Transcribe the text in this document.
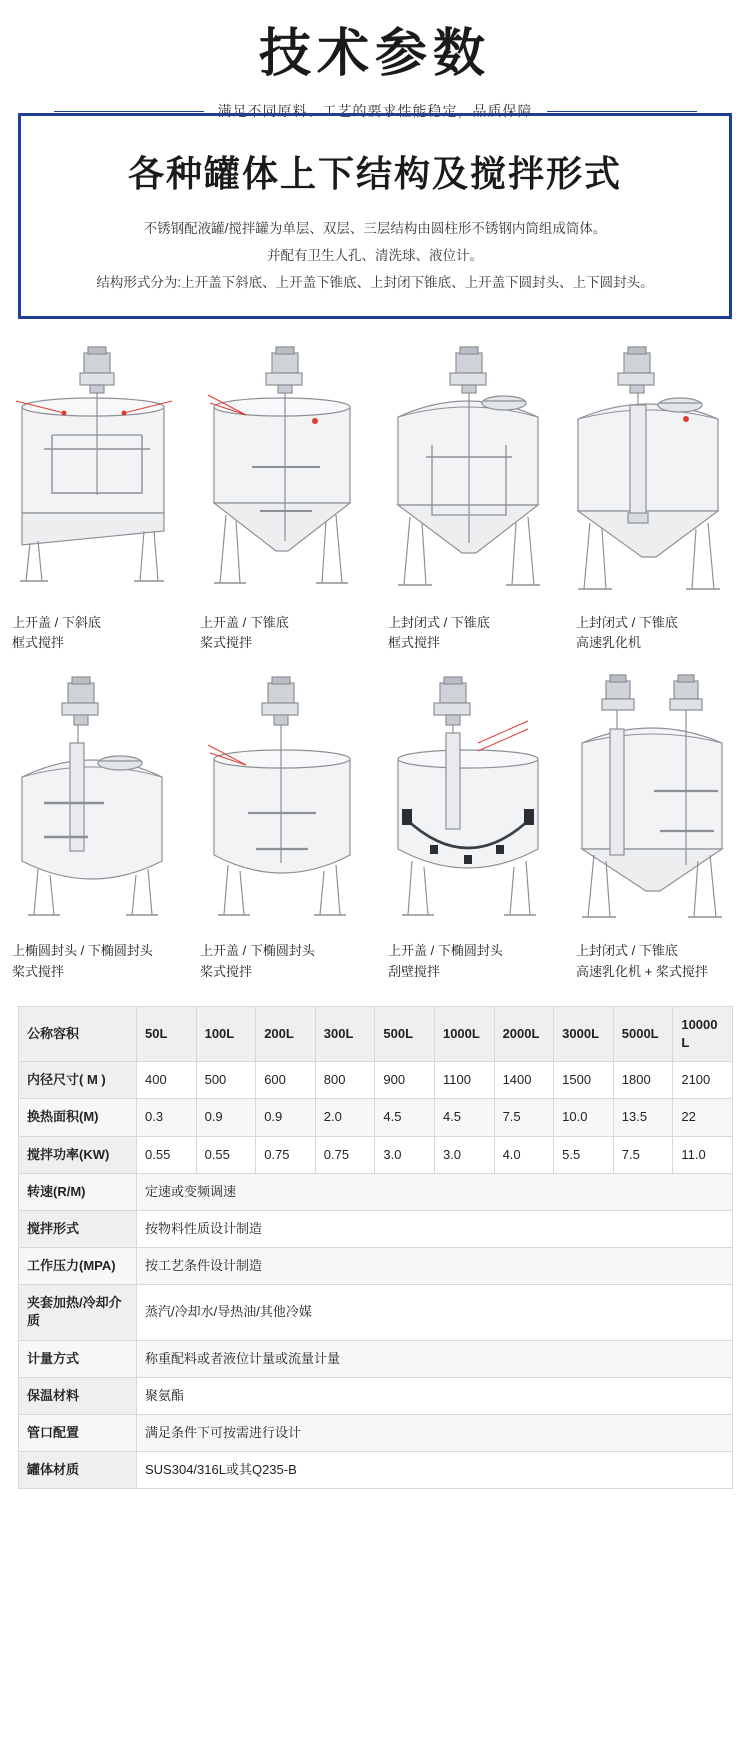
技术参数
满足不同原料、工艺的要求性能稳定，品质保障
各种罐体上下结构及搅拌形式
不锈钢配液罐/搅拌罐为单层、双层、三层结构由圆柱形不锈钢内筒组成筒体。
并配有卫生人孔、清洗球、液位计。
结构形式分为:上开盖下斜底、上开盖下锥底、上封闭下锥底、上开盖下圆封头、上下圆封头。
上开盖 / 下斜底
框式搅拌
上开盖 / 下锥底
桨式搅拌
上封闭式 / 下锥底
框式搅拌
上封闭式 / 下锥底
高速乳化机
上椭圆封头 / 下椭圆封头
桨式搅拌
上开盖 / 下椭圆封头
桨式搅拌
上开盖 / 下椭圆封头
刮壁搅拌
上封闭式 / 下锥底
高速乳化机 + 桨式搅拌
公称容积	50L	100L	200L	300L	500L	1000L	2000L	3000L	5000L	10000L
内径尺寸( M )	400	500	600	800	900	1100	1400	1500	1800	2100
换热面积(M)	0.3	0.9	0.9	2.0	4.5	4.5	7.5	10.0	13.5	22
搅拌功率(KW)	0.55	0.55	0.75	0.75	3.0	3.0	4.0	5.5	7.5	11.0
转速(R/M)	定速或变频调速									
搅拌形式	按物料性质设计制造									
工作压力(MPA)	按工艺条件设计制造									
夹套加热/冷却介质	蒸汽/冷却水/导热油/其他冷媒									
计量方式	称重配料或者液位计量或流量计量									
保温材料	聚氨酯									
管口配置	满足条件下可按需进行设计									
罐体材质	SUS304/316L或其Q235-B									
